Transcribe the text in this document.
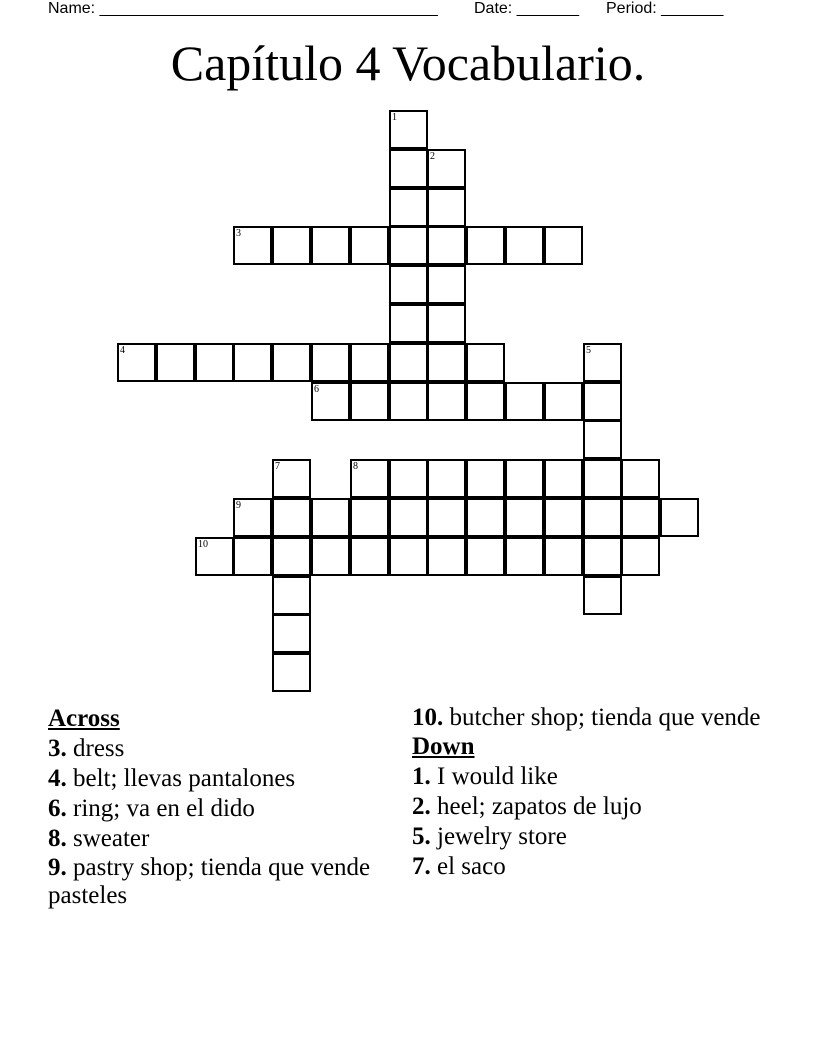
Name: ______________________________________ Date: _______ Period: _______
Capítulo 4 Vocabulario.
1
2
3
4	5
6
7	8
9
10
Across

3. dress

4. belt; llevas pantalones

6. ring; va en el dido

8. sweater

9. pastry shop; tienda que vende pasteles

10. butcher shop; tienda que vende

Down

1. I would like

2. heel; zapatos de lujo

5. jewelry store

7. el saco
